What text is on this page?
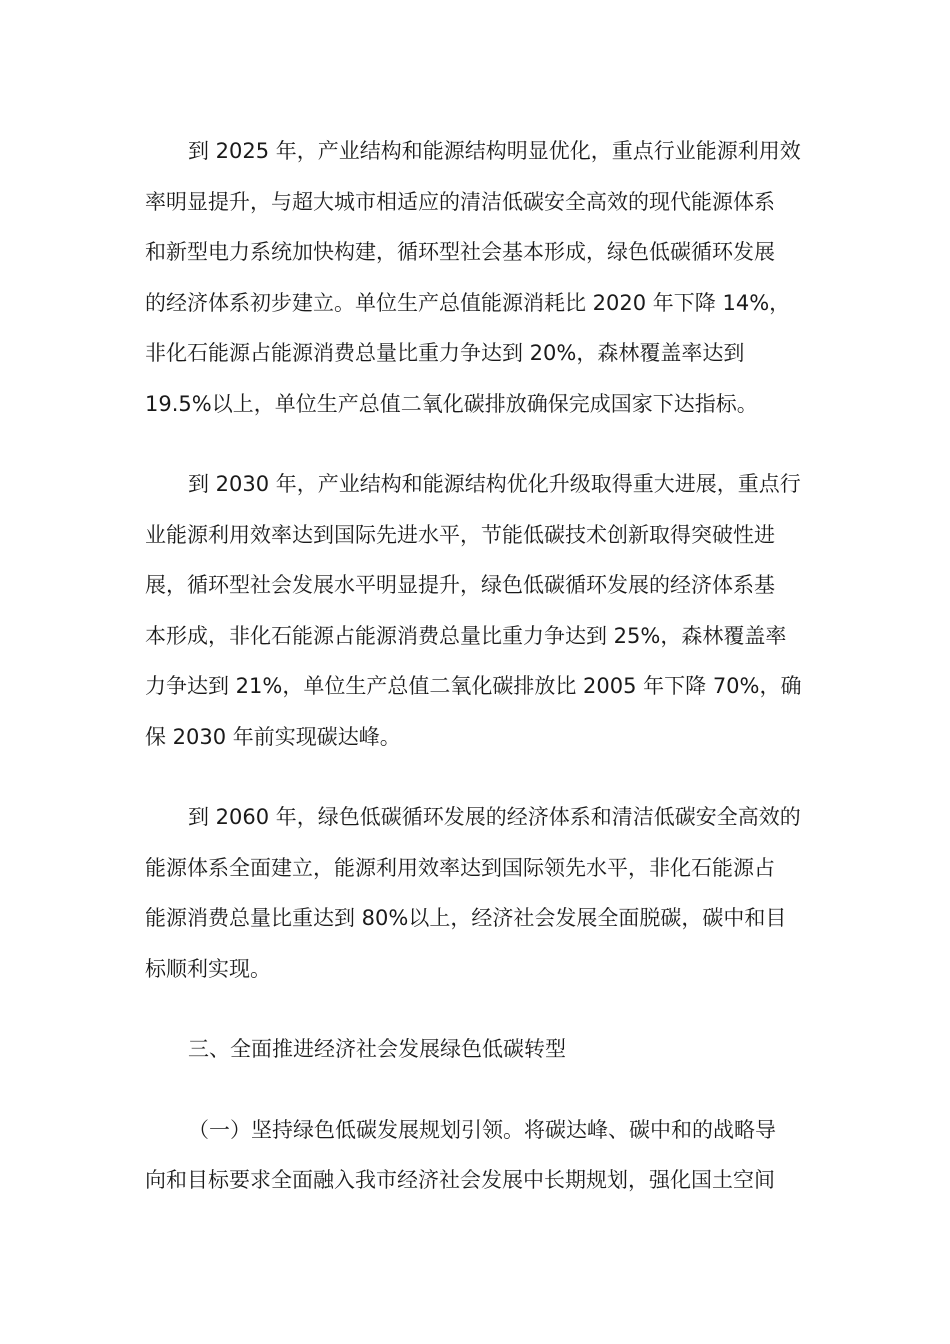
到 2025 年，产业结构和能源结构明显优化，重点行业能源利用效
率明显提升，与超大城市相适应的清洁低碳安全高效的现代能源体系
和新型电力系统加快构建，循环型社会基本形成，绿色低碳循环发展
的经济体系初步建立。单位生产总值能源消耗比 2020 年下降 14%，
非化石能源占能源消费总量比重力争达到 20%，森林覆盖率达到
19.5%以上，单位生产总值二氧化碳排放确保完成国家下达指标。
到 2030 年，产业结构和能源结构优化升级取得重大进展，重点行
业能源利用效率达到国际先进水平，节能低碳技术创新取得突破性进
展，循环型社会发展水平明显提升，绿色低碳循环发展的经济体系基
本形成，非化石能源占能源消费总量比重力争达到 25%，森林覆盖率
力争达到 21%，单位生产总值二氧化碳排放比 2005 年下降 70%，确
保 2030 年前实现碳达峰。
到 2060 年，绿色低碳循环发展的经济体系和清洁低碳安全高效的
能源体系全面建立，能源利用效率达到国际领先水平，非化石能源占
能源消费总量比重达到 80%以上，经济社会发展全面脱碳，碳中和目
标顺利实现。
三、全面推进经济社会发展绿色低碳转型
（一）坚持绿色低碳发展规划引领。将碳达峰、碳中和的战略导
向和目标要求全面融入我市经济社会发展中长期规划，强化国土空间
